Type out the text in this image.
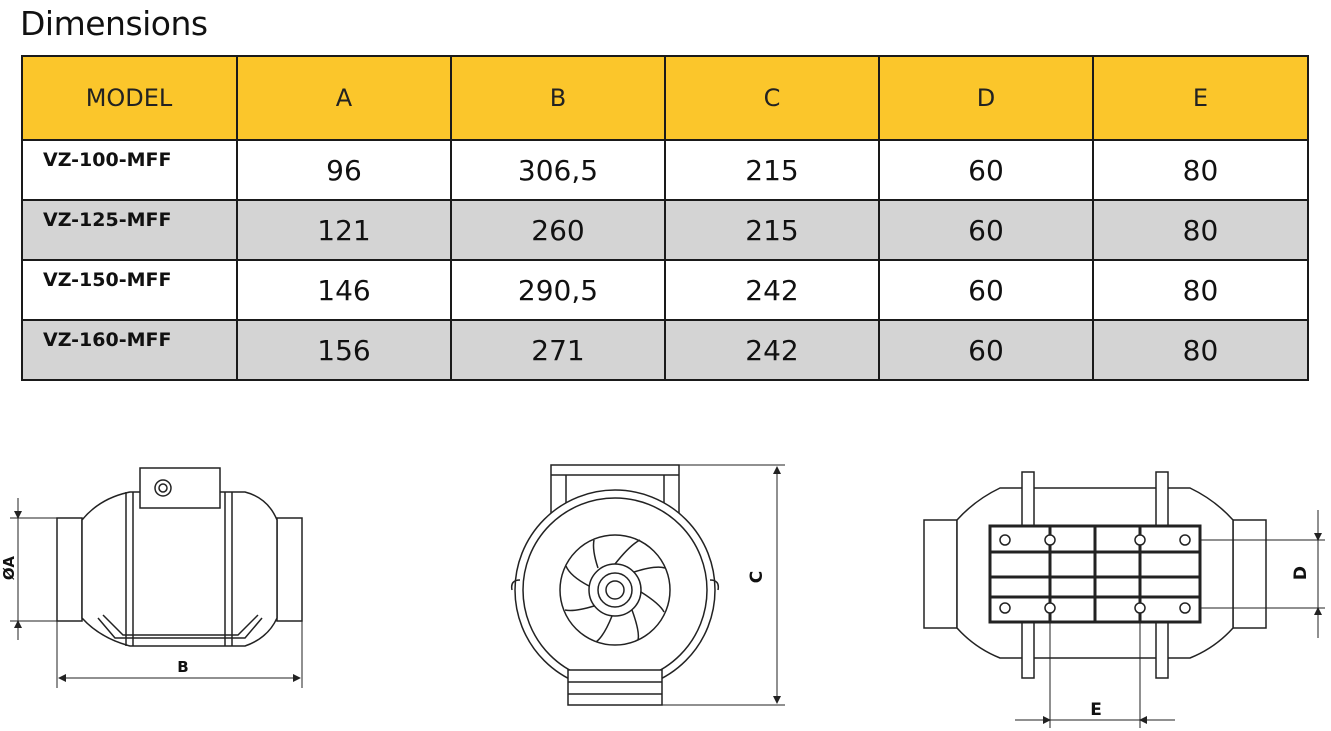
Dimensions
MODEL	A	B	C	D	E
VZ-100-MFF	96	306,5	215	60	80
VZ-125-MFF	121	260	215	60	80
VZ-150-MFF	146	290,5	242	60	80
VZ-160-MFF	156	271	242	60	80
ØA
B
C	D
E
